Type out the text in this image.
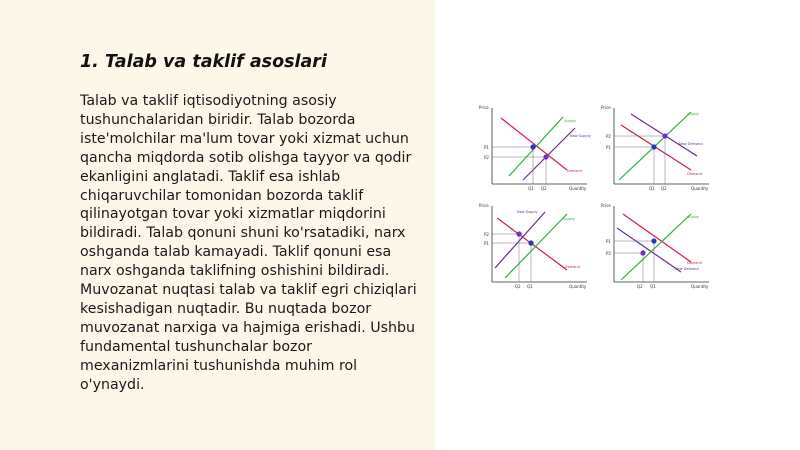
1. Talab va taklif asoslari

Talab va taklif iqtisodiyotning asosiy tushunchalaridan biridir. Talab bozorda iste'molchilar ma'lum tovar yoki xizmat uchun qancha miqdorda sotib olishga tayyor va qodir ekanligini anglatadi. Taklif esa ishlab chiqaruvchilar tomonidan bozorda taklif qilinayotgan tovar yoki xizmatlar miqdorini bildiradi. Talab qonuni shuni ko'rsatadiki, narx oshganda talab kamayadi. Taklif qonuni esa narx oshganda taklifning oshishini bildiradi. Muvozanat nuqtasi talab va taklif egri chiziqlari kesishadigan nuqtadir. Bu nuqtada bozor muvozanat narxiga va hajmiga erishadi. Ushbu fundamental tushunchalar bozor mexanizmlarini tushunishda muhim rol o'ynaydi.

Price
Quantity
P1
P2
Q1 Q2
Supply
New Supply
Demand
Price
Quantity
P2
P1
Q1 Q2
Supply
New Demand
Demand
Price
Quantity
P2
P1
Q2 Q1
New Supply
Supply
Demand
Price
Quantity
P1
P2
Q2 Q1
Supply
Demand
New Demand
